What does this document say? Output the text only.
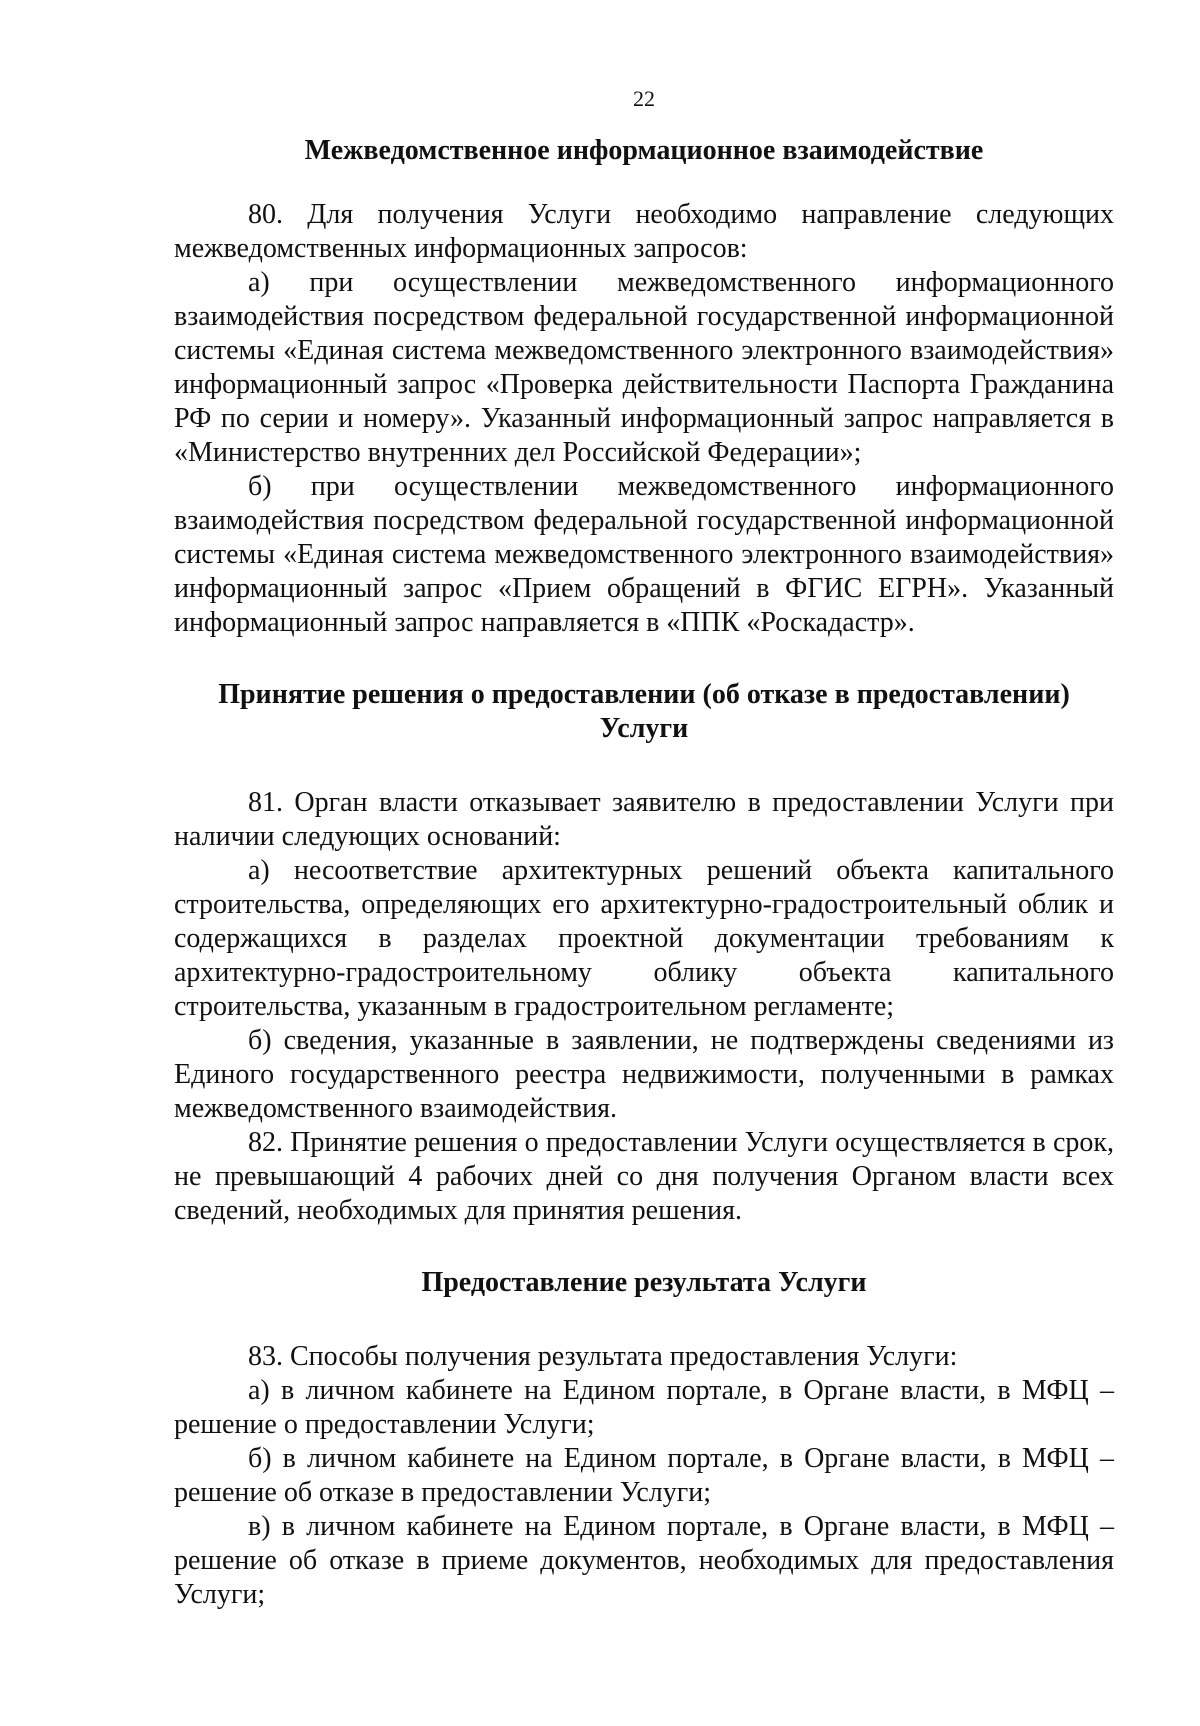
22
Межведомственное информационное взаимодействие

80. Для получения Услуги необходимо направление следующих межведомственных информационных запросов:

а) при осуществлении межведомственного информационного взаимодействия посредством федеральной государственной информационной системы «Единая система межведомственного электронного взаимодействия» информационный запрос «Проверка действительности Паспорта Гражданина РФ по серии и номеру». Указанный информационный запрос направляется в «Министерство внутренних дел Российской Федерации»;

б) при осуществлении межведомственного информационного взаимодействия посредством федеральной государственной информационной системы «Единая система межведомственного электронного взаимодействия» информационный запрос «Прием обращений в ФГИС ЕГРН». Указанный информационный запрос направляется в «ППК «Роскадастр».

Принятие решения о предоставлении (об отказе в предоставлении)
Услуги

81. Орган власти отказывает заявителю в предоставлении Услуги при наличии следующих оснований:

а) несоответствие архитектурных решений объекта капитального строительства, определяющих его архитектурно-градостроительный облик и содержащихся в разделах проектной документации требованиям к архитектурно-градостроительному облику объекта капитального строительства, указанным в градостроительном регламенте;

б) сведения, указанные в заявлении, не подтверждены сведениями из Единого государственного реестра недвижимости, полученными в рамках межведомственного взаимодействия.

82. Принятие решения о предоставлении Услуги осуществляется в срок, не превышающий 4 рабочих дней со дня получения Органом власти всех сведений, необходимых для принятия решения.

Предоставление результата Услуги

83. Способы получения результата предоставления Услуги:

а) в личном кабинете на Едином портале, в Органе власти, в МФЦ – решение о предоставлении Услуги;

б) в личном кабинете на Едином портале, в Органе власти, в МФЦ – решение об отказе в предоставлении Услуги;

в) в личном кабинете на Едином портале, в Органе власти, в МФЦ – решение об отказе в приеме документов, необходимых для предоставления Услуги;
